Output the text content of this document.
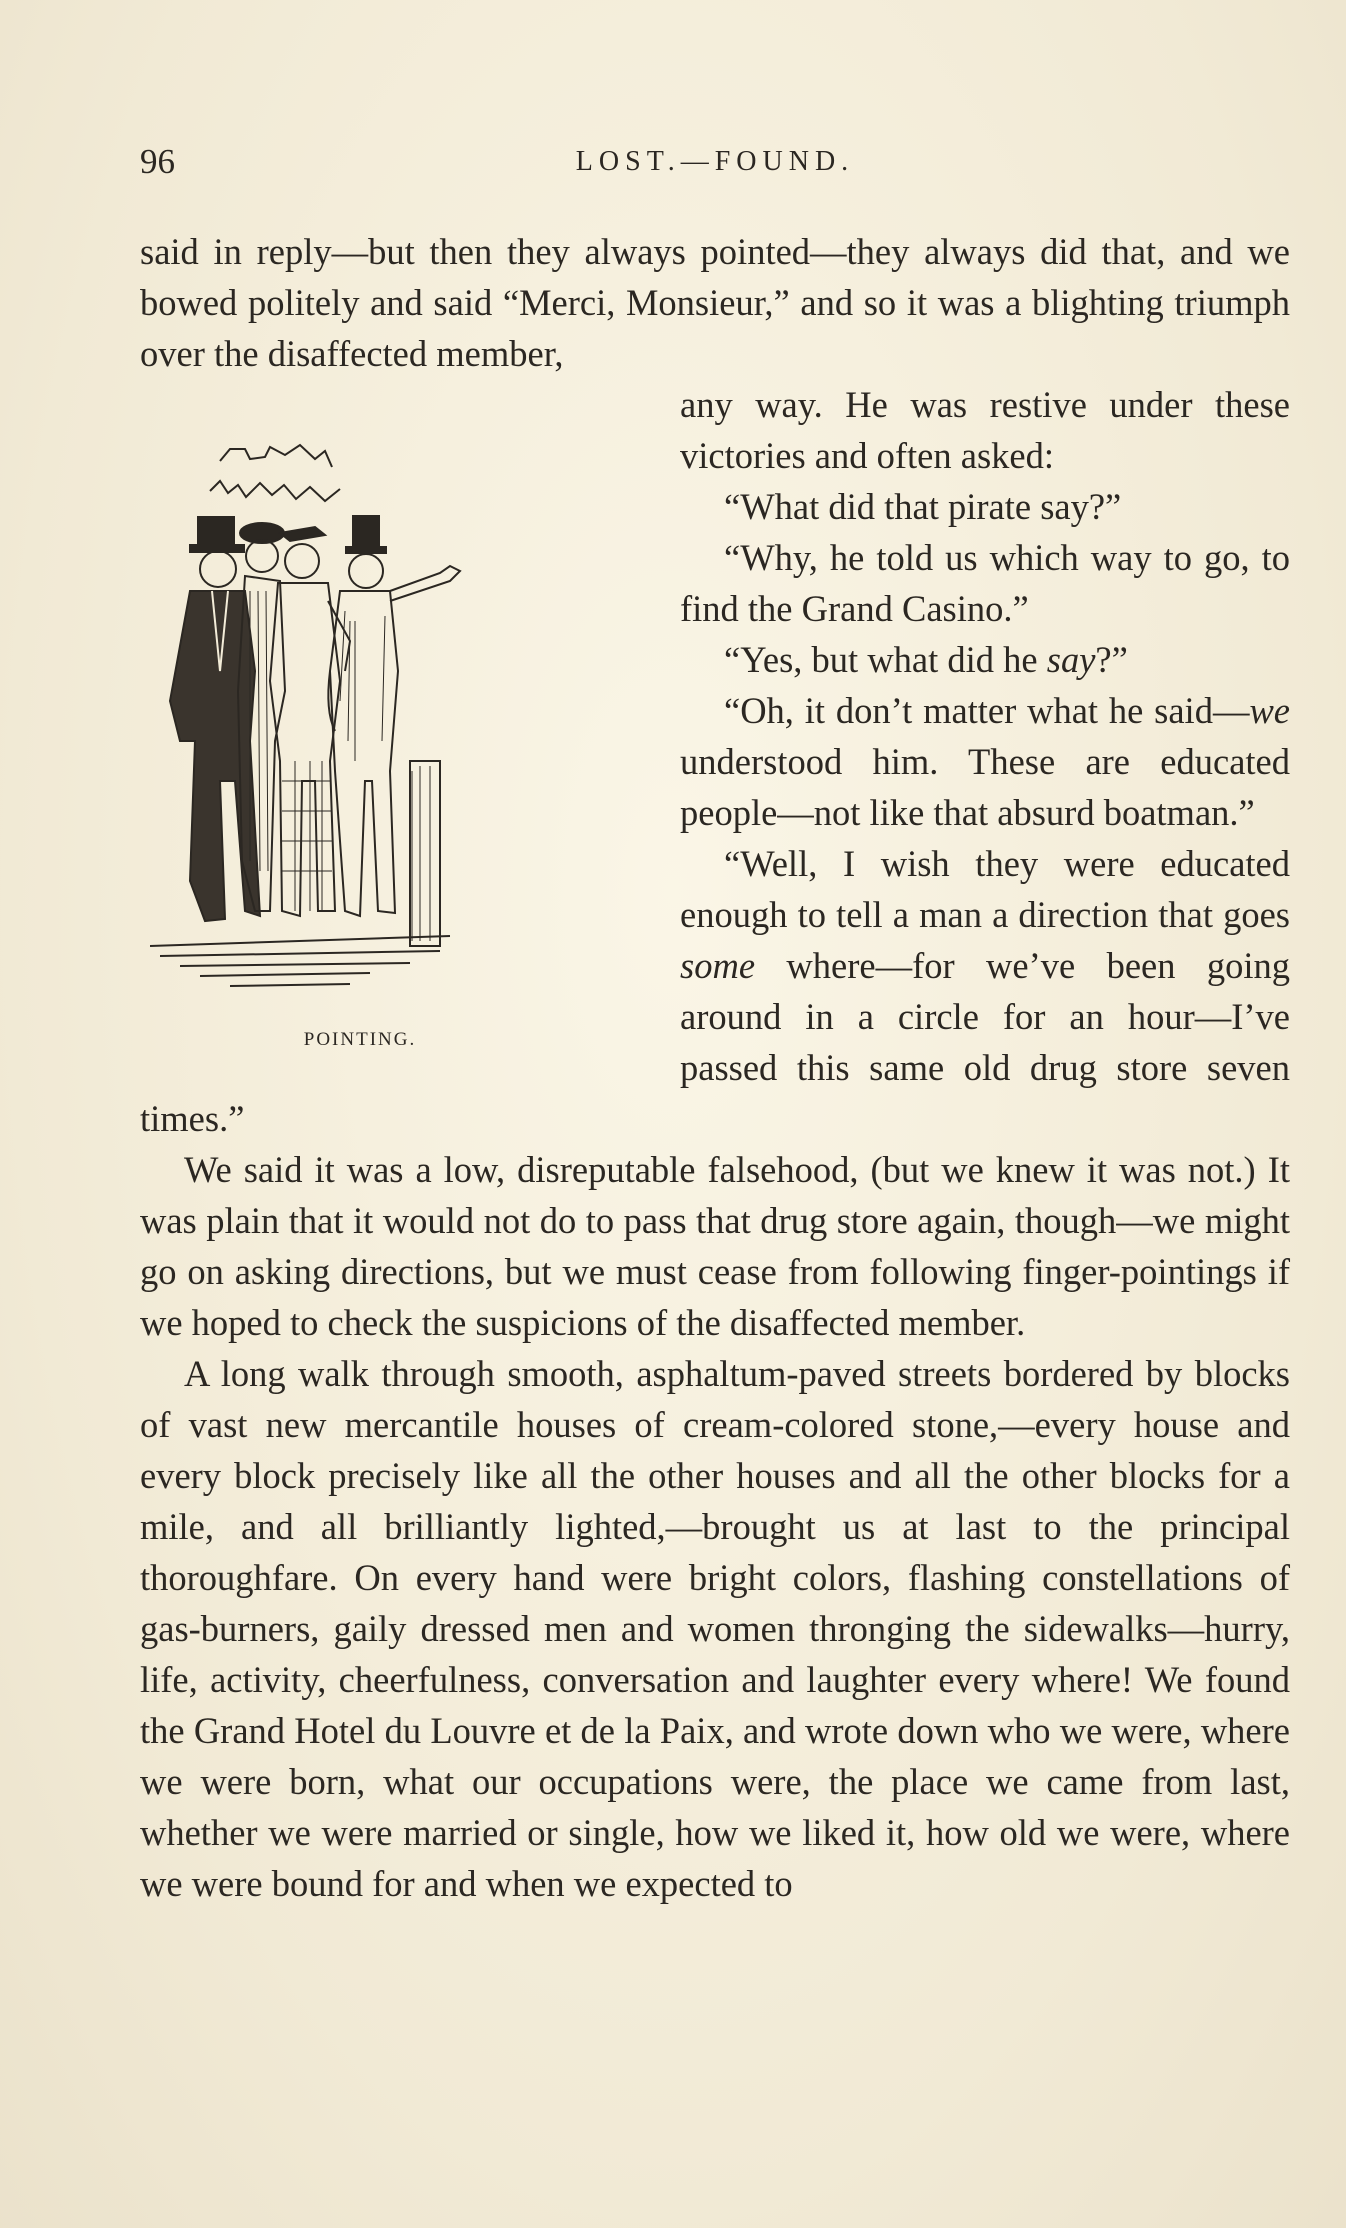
96	LOST.—FOUND.

said in reply—but then they always pointed—they always did that, and we bowed politely and said “Merci, Monsieur,” and so it was a blighting triumph over the disaffected member,

POINTING.

any way. He was restive under these victories and often asked:

“What did that pirate say?”

“Why, he told us which way to go, to find the Grand Casino.”

“Yes, but what did he say?”

“Oh, it don’t matter what he said—we understood him. These are educated people—not like that absurd boatman.”

“Well, I wish they were educated enough to tell a man a direction that goes some where—for we’ve been going around in a circle for an hour—I’ve passed this same old drug store seven times.”

We said it was a low, disreputable falsehood, (but we knew it was not.) It was plain that it would not do to pass that drug store again, though—we might go on asking directions, but we must cease from following finger-pointings if we hoped to check the suspicions of the disaffected member.

A long walk through smooth, asphaltum-paved streets bordered by blocks of vast new mercantile houses of cream-colored stone,—every house and every block precisely like all the other houses and all the other blocks for a mile, and all brilliantly lighted,—brought us at last to the principal thoroughfare. On every hand were bright colors, flashing constellations of gas-burners, gaily dressed men and women thronging the sidewalks—hurry, life, activity, cheerfulness, conversation and laughter every where! We found the Grand Hotel du Louvre et de la Paix, and wrote down who we were, where we were born, what our occupations were, the place we came from last, whether we were married or single, how we liked it, how old we were, where we were bound for and when we expected to
